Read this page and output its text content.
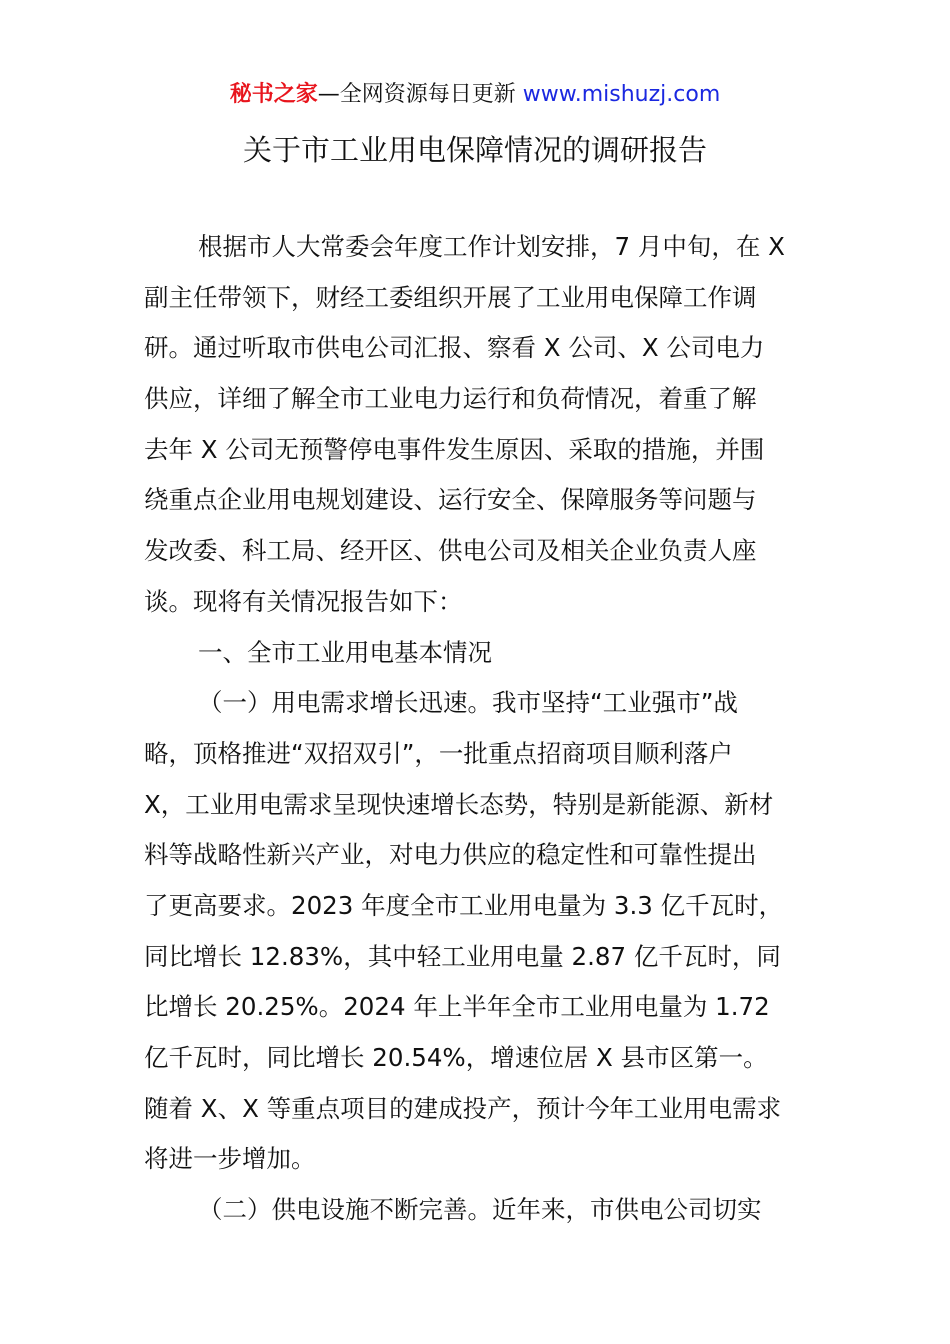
秘书之家—全网资源每日更新 www.mishuzj.com
关于市工业用电保障情况的调研报告
根据市人大常委会年度工作计划安排，7 月中旬，在 X
副主任带领下，财经工委组织开展了工业用电保障工作调
研。通过听取市供电公司汇报、察看 X 公司、X 公司电力
供应，详细了解全市工业电力运行和负荷情况，着重了解
去年 X 公司无预警停电事件发生原因、采取的措施，并围
绕重点企业用电规划建设、运行安全、保障服务等问题与
发改委、科工局、经开区、供电公司及相关企业负责人座
谈。现将有关情况报告如下：
一、全市工业用电基本情况
（一）用电需求增长迅速。我市坚持“工业强市”战
略，顶格推进“双招双引”，一批重点招商项目顺利落户
X，工业用电需求呈现快速增长态势，特别是新能源、新材
料等战略性新兴产业，对电力供应的稳定性和可靠性提出
了更高要求。2023 年度全市工业用电量为 3.3 亿千瓦时，
同比增长 12.83%，其中轻工业用电量 2.87 亿千瓦时，同
比增长 20.25%。2024 年上半年全市工业用电量为 1.72
亿千瓦时，同比增长 20.54%，增速位居 X 县市区第一。
随着 X、X 等重点项目的建成投产，预计今年工业用电需求
将进一步增加。
（二）供电设施不断完善。近年来，市供电公司切实
